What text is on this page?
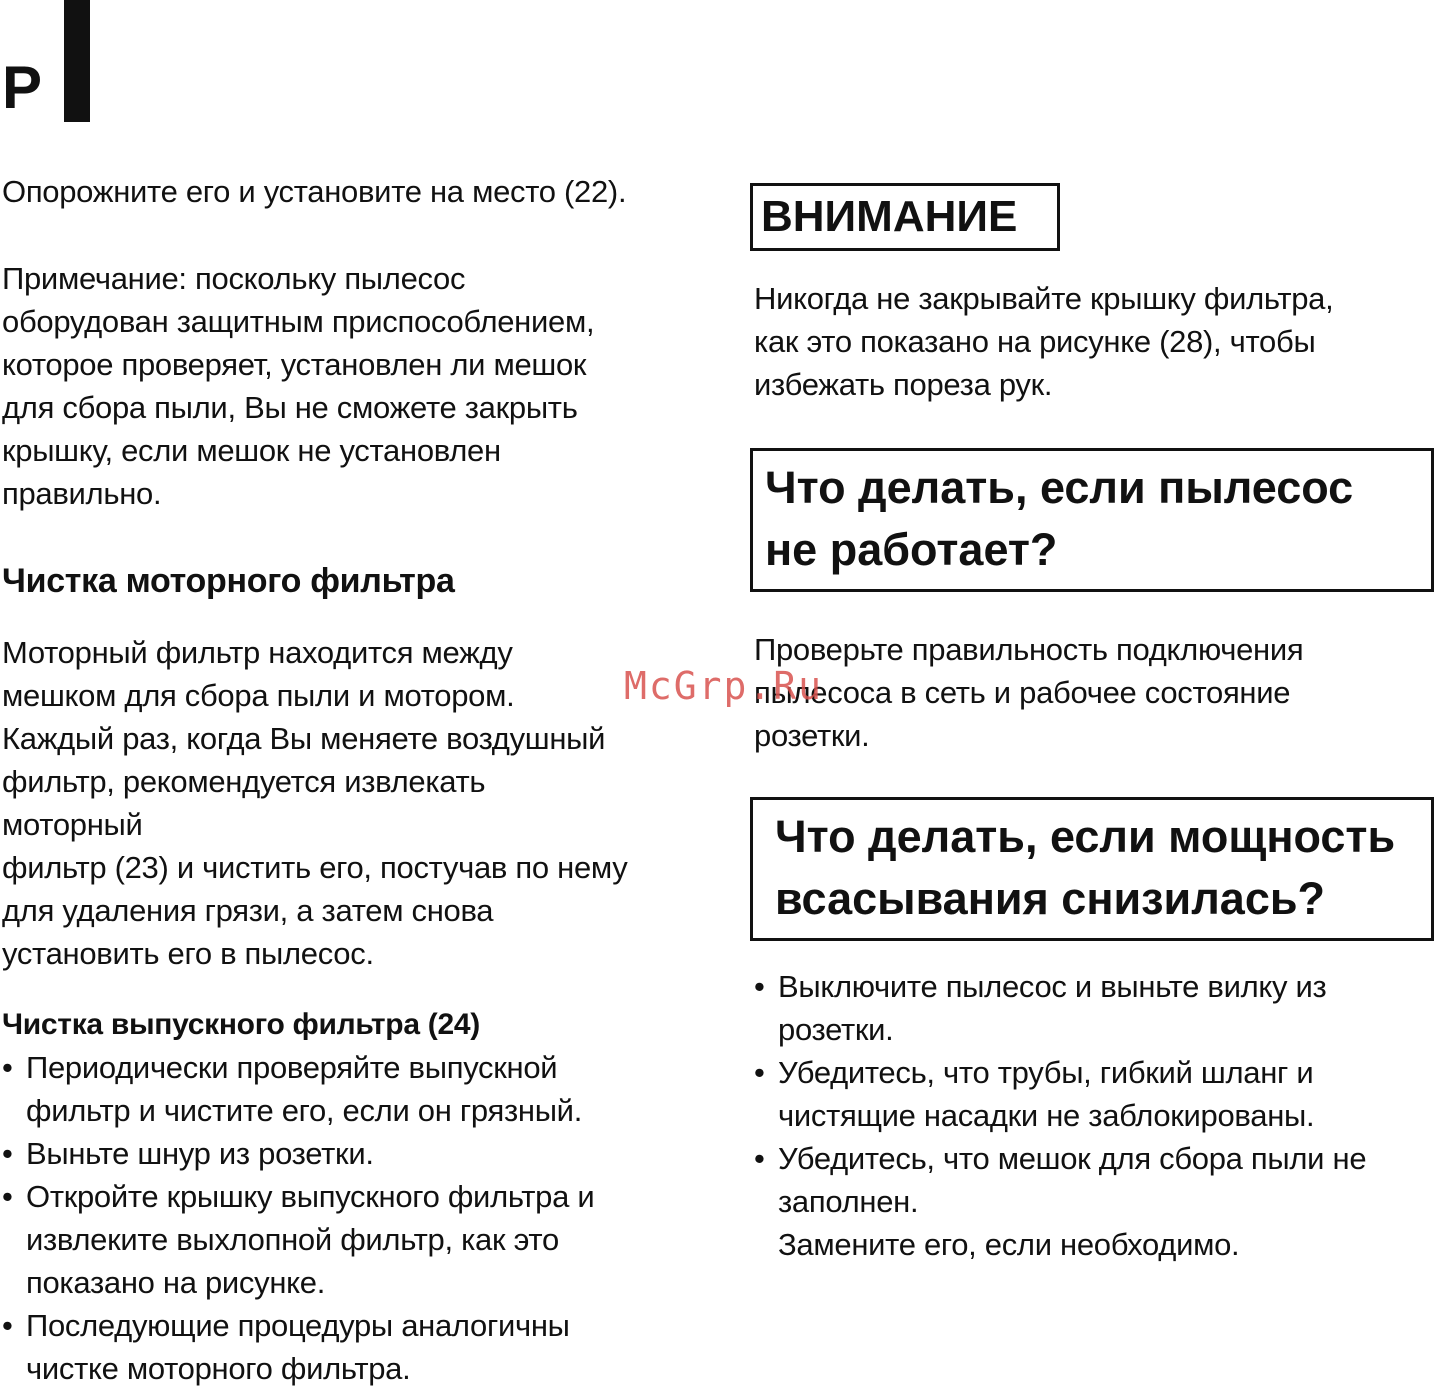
Р

Опорожните его и установите на место (22).

Примечание: поскольку пылесос
оборудован защитным приспособлением,
которое проверяет, установлен ли мешок
для сбора пыли, Вы не сможете закрыть
крышку, если мешок не установлен
правильно.
Чистка моторного фильтра
Моторный фильтр находится между
мешком для сбора пыли и мотором.
Каждый раз, когда Вы меняете воздушный
фильтр, рекомендуется извлекать
моторный
фильтр (23) и чистить его, постучав по нему
для удаления грязи, а затем снова
установить его в пылесос.
Чистка выпускного фильтра (24)
• Периодически проверяйте выпускной
фильтр и чистите его, если он грязный.
• Выньте шнур из розетки.
• Откройте крышку выпускного фильтра и
извлеките выхлопной фильтр, как это
показано на рисунке.
• Последующие процедуры аналогичны
чистке моторного фильтра.
ВНИМАНИЕ
Никогда не закрывайте крышку фильтра,
как это показано на рисунке (28), чтобы
избежать пореза рук.
Что делать, если пылесос
не работает?
Проверьте правильность подключения
пылесоса в сеть и рабочее состояние
розетки.
Что делать, если мощность
всасывания снизилась?
• Выключите пылесос и выньте вилку из
розетки.
• Убедитесь, что трубы, гибкий шланг и
чистящие насадки не заблокированы.
• Убедитесь, что мешок для сбора пыли не
заполнен.
Замените его, если необходимо.
McGrp.Ru
